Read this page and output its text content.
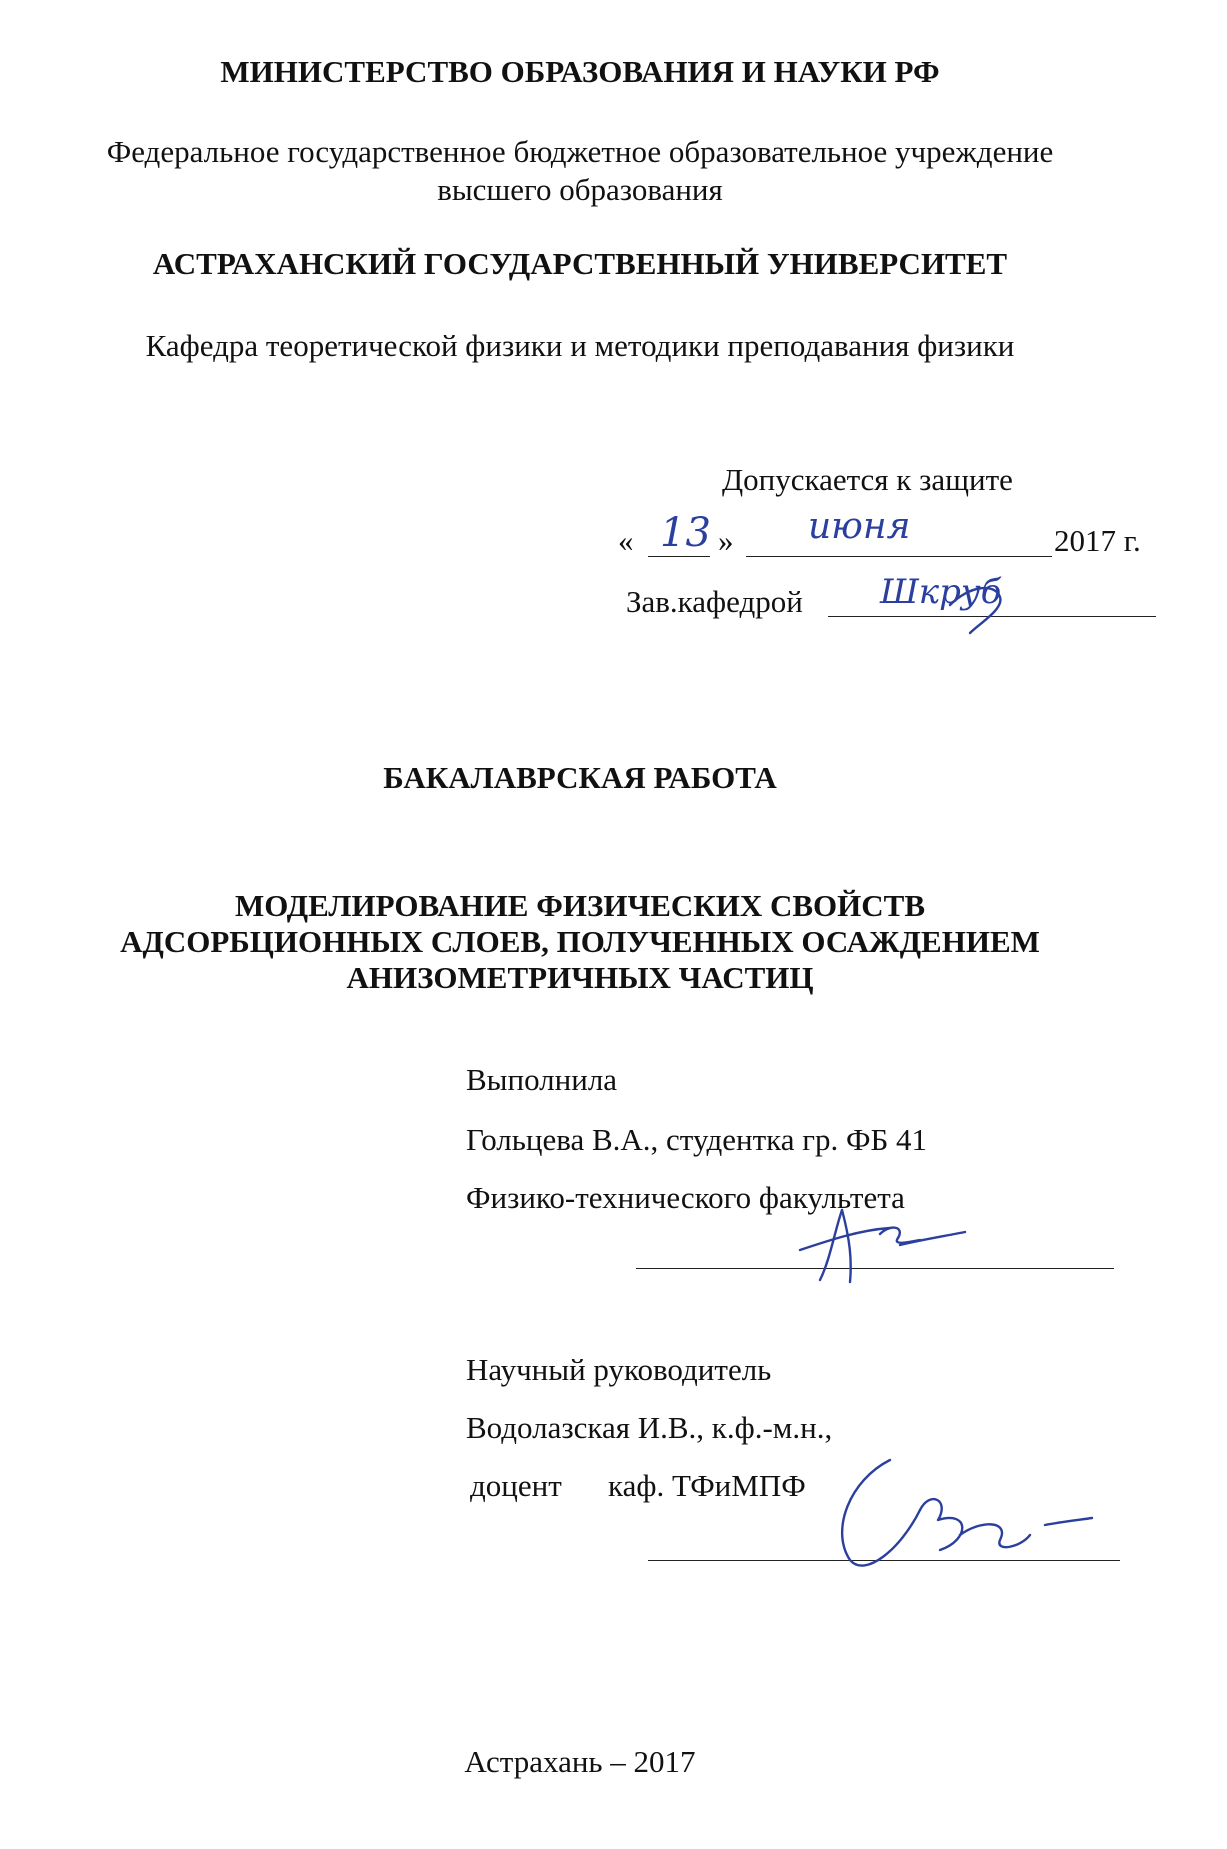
МИНИСТЕРСТВО ОБРАЗОВАНИЯ И НАУКИ РФ
Федеральное государственное бюджетное образовательное учреждение
высшего образования
АСТРАХАНСКИЙ ГОСУДАРСТВЕННЫЙ УНИВЕРСИТЕТ
Кафедра теоретической физики и методики преподавания физики
Допускается к защите
« 13 » июня	2017 г.
Зав.кафедрой Шкруб
БАКАЛАВРСКАЯ РАБОТА
МОДЕЛИРОВАНИЕ ФИЗИЧЕСКИХ СВОЙСТВ
АДСОРБЦИОННЫХ СЛОЕВ, ПОЛУЧЕННЫХ ОСАЖДЕНИЕМ
АНИЗОМЕТРИЧНЫХ ЧАСТИЦ
Выполнила
Гольцева В.А., студентка гр. ФБ 41
Физико-технического факультета
Научный руководитель
Водолазская И.В., к.ф.-м.н.,
доцент каф. ТФиМПФ
Астрахань – 2017
